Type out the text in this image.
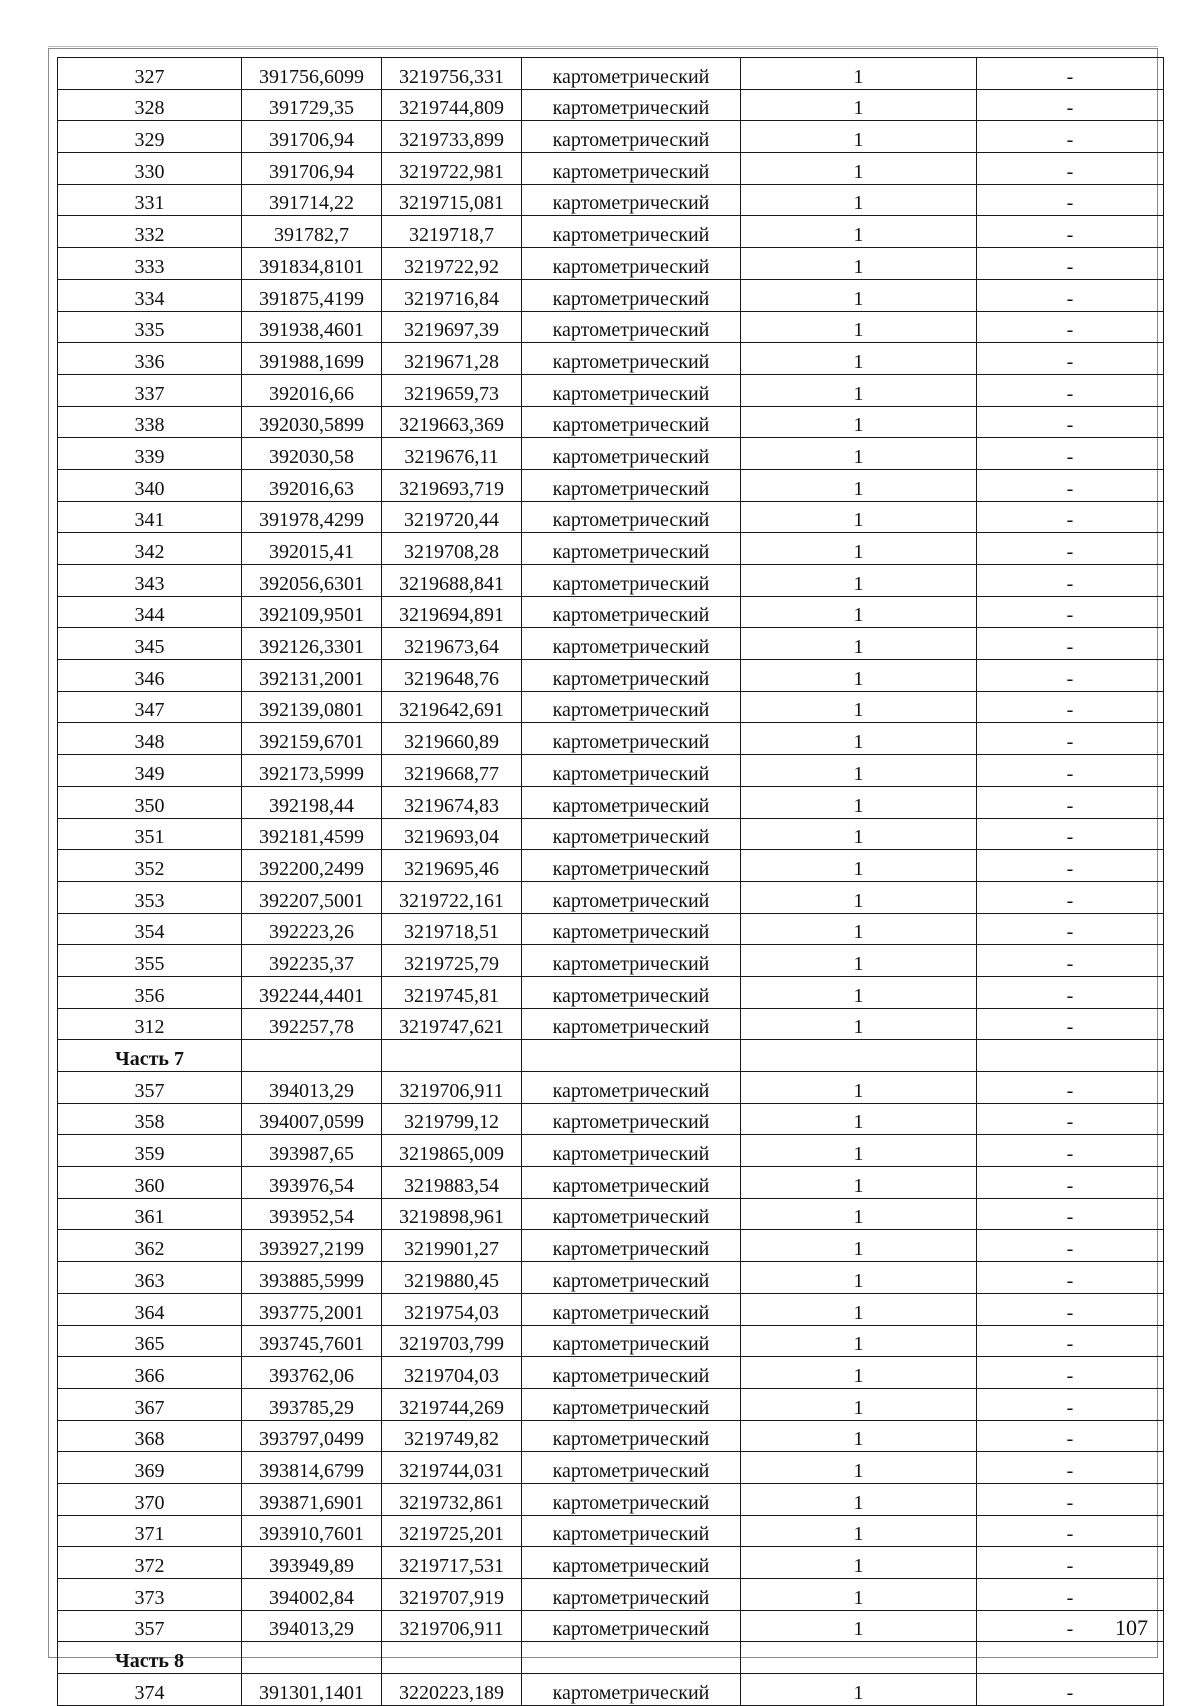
327	391756,6099	3219756,331	картометрический	1	-
328	391729,35	3219744,809	картометрический	1	-
329	391706,94	3219733,899	картометрический	1	-
330	391706,94	3219722,981	картометрический	1	-
331	391714,22	3219715,081	картометрический	1	-
332	391782,7	3219718,7	картометрический	1	-
333	391834,8101	3219722,92	картометрический	1	-
334	391875,4199	3219716,84	картометрический	1	-
335	391938,4601	3219697,39	картометрический	1	-
336	391988,1699	3219671,28	картометрический	1	-
337	392016,66	3219659,73	картометрический	1	-
338	392030,5899	3219663,369	картометрический	1	-
339	392030,58	3219676,11	картометрический	1	-
340	392016,63	3219693,719	картометрический	1	-
341	391978,4299	3219720,44	картометрический	1	-
342	392015,41	3219708,28	картометрический	1	-
343	392056,6301	3219688,841	картометрический	1	-
344	392109,9501	3219694,891	картометрический	1	-
345	392126,3301	3219673,64	картометрический	1	-
346	392131,2001	3219648,76	картометрический	1	-
347	392139,0801	3219642,691	картометрический	1	-
348	392159,6701	3219660,89	картометрический	1	-
349	392173,5999	3219668,77	картометрический	1	-
350	392198,44	3219674,83	картометрический	1	-
351	392181,4599	3219693,04	картометрический	1	-
352	392200,2499	3219695,46	картометрический	1	-
353	392207,5001	3219722,161	картометрический	1	-
354	392223,26	3219718,51	картометрический	1	-
355	392235,37	3219725,79	картометрический	1	-
356	392244,4401	3219745,81	картометрический	1	-
312	392257,78	3219747,621	картометрический	1	-
Часть 7					
357	394013,29	3219706,911	картометрический	1	-
358	394007,0599	3219799,12	картометрический	1	-
359	393987,65	3219865,009	картометрический	1	-
360	393976,54	3219883,54	картометрический	1	-
361	393952,54	3219898,961	картометрический	1	-
362	393927,2199	3219901,27	картометрический	1	-
363	393885,5999	3219880,45	картометрический	1	-
364	393775,2001	3219754,03	картометрический	1	-
365	393745,7601	3219703,799	картометрический	1	-
366	393762,06	3219704,03	картометрический	1	-
367	393785,29	3219744,269	картометрический	1	-
368	393797,0499	3219749,82	картометрический	1	-
369	393814,6799	3219744,031	картометрический	1	-
370	393871,6901	3219732,861	картометрический	1	-
371	393910,7601	3219725,201	картометрический	1	-
372	393949,89	3219717,531	картометрический	1	-
373	394002,84	3219707,919	картометрический	1	-
357	394013,29	3219706,911	картометрический	1	-
Часть 8					
374	391301,1401	3220223,189	картометрический	1	-
107
